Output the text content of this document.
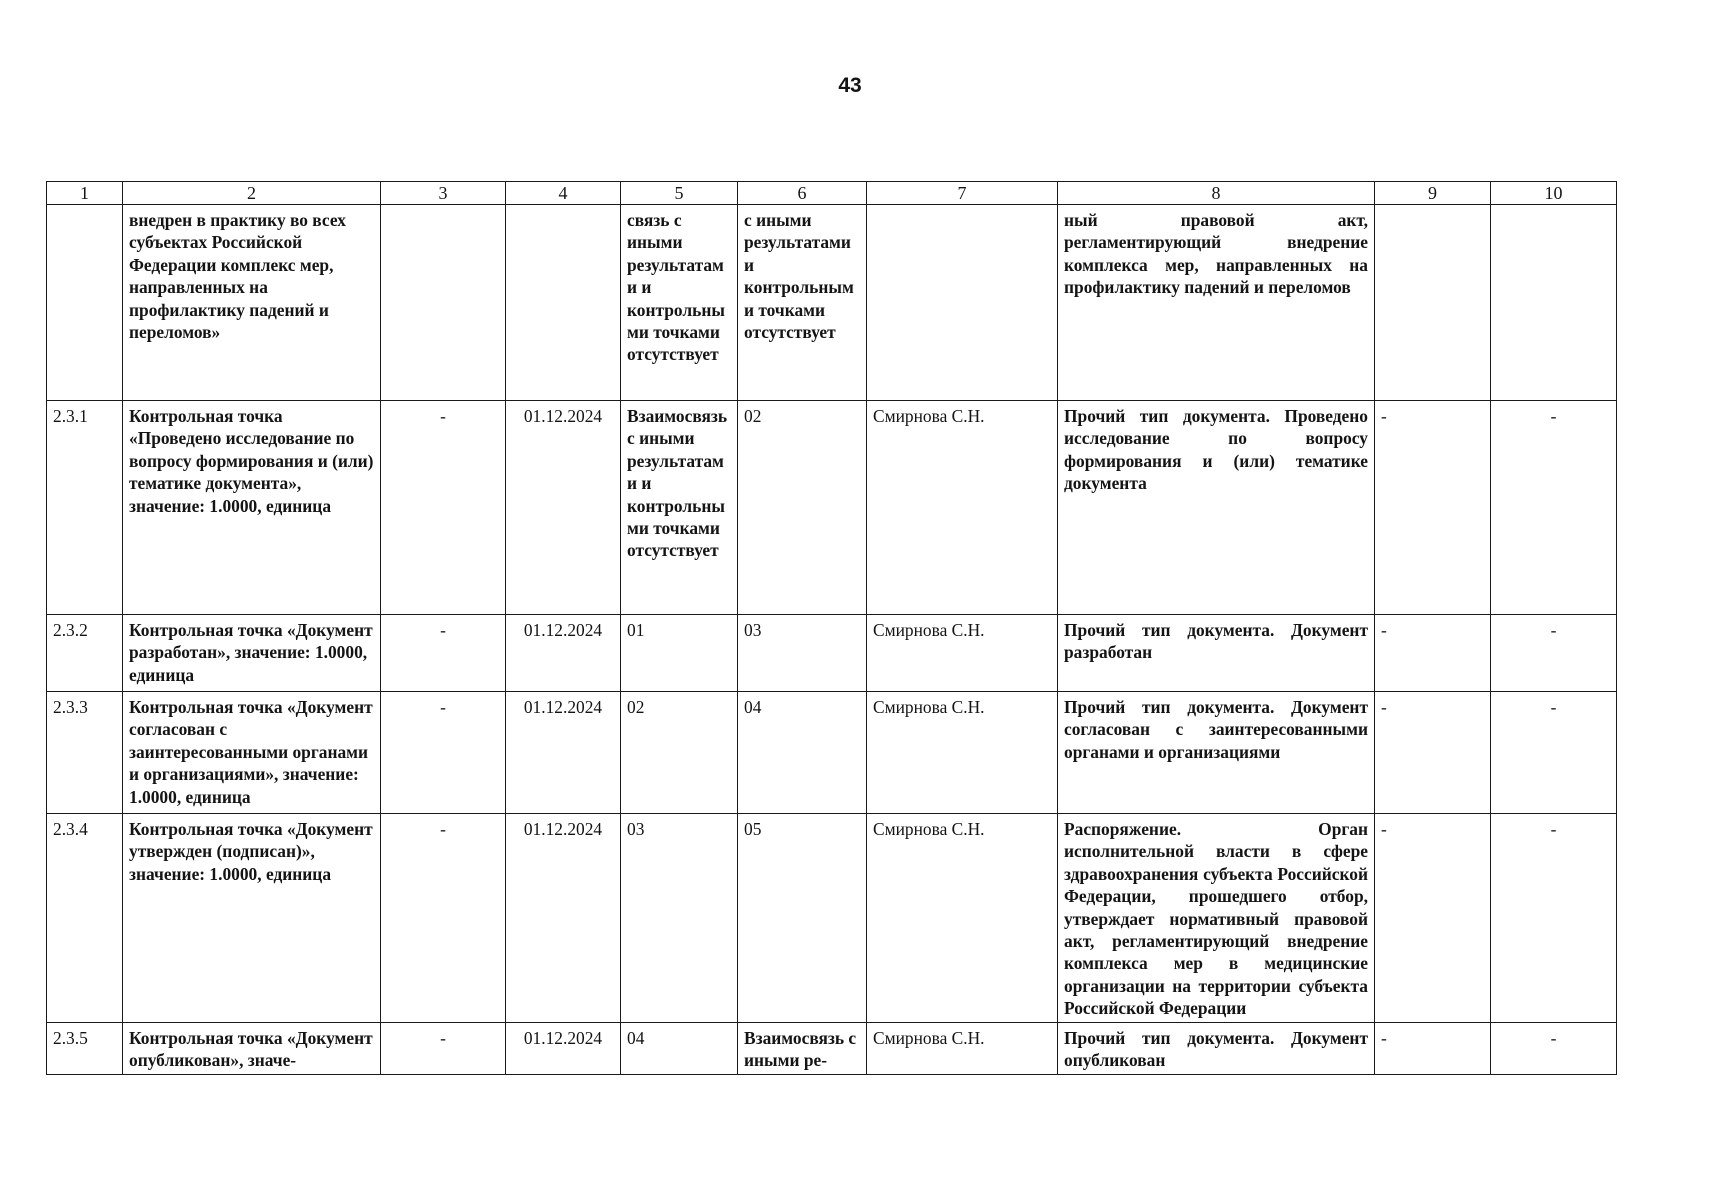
43
1	2	3	4	5	6	7	8	9	10
	внедрен в практику во всех субъектах Российской Федерации комплекс мер, направленных на профилактику падений и переломов»			связь с иными результатами и контрольными точками отсутствует	с иными результатами и контрольными точками отсутствует		ный правовой акт, регламентирующий внедрение комплекса мер, направленных на профилактику падений и переломов		
2.3.1	Контрольная точка «Проведено исследование по вопросу формирования и (или) тематике документа», значение: 1.0000, единица	-	01.12.2024	Взаимосвязь с иными результатами и контрольными точками отсутствует	02	Смирнова С.Н.	Прочий тип документа. Проведено исследование по вопросу формирования и (или) тематике документа	-	-
2.3.2	Контрольная точка «Документ разработан», значение: 1.0000, единица	-	01.12.2024	01	03	Смирнова С.Н.	Прочий тип документа. Документ разработан	-	-
2.3.3	Контрольная точка «Документ согласован с заинтересованными органами и организациями», значение: 1.0000, единица	-	01.12.2024	02	04	Смирнова С.Н.	Прочий тип документа. Документ согласован с заинтересованными органами и организациями	-	-
2.3.4	Контрольная точка «Документ утвержден (подписан)», значение: 1.0000, единица	-	01.12.2024	03	05	Смирнова С.Н.	Распоряжение. Орган исполнительной власти в сфере здравоохранения субъекта Российской Федерации, прошедшего отбор, утверждает нормативный правовой акт, регламентирующий внедрение комплекса мер в медицинские организации на территории субъекта Российской Федерации	-	-
2.3.5	Контрольная точка «Документ опубликован», значе-	-	01.12.2024	04	Взаимосвязь с иными ре-	Смирнова С.Н.	Прочий тип документа. Документ опубликован	-	-
